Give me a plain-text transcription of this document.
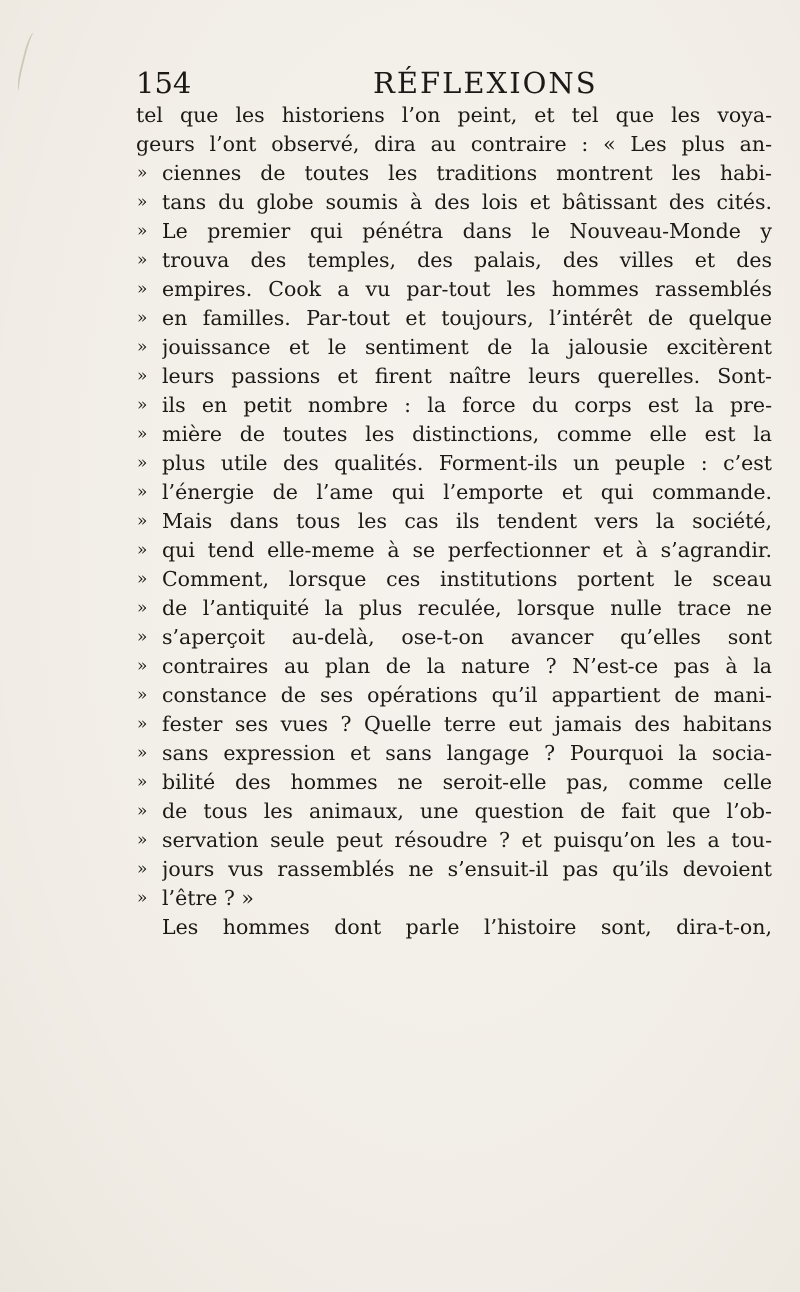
154	RÉFLEXIONS
tel que les historiens l’on peint, et tel que les voya-
geurs l’ont observé, dira au contraire : « Les plus an-
» ciennes de toutes les traditions montrent les habi-
» tans du globe soumis à des lois et bâtissant des cités.
» Le premier qui pénétra dans le Nouveau-Monde y
» trouva des temples, des palais, des villes et des
» empires. Cook a vu par-tout les hommes rassemblés
» en familles. Par-tout et toujours, l’intérêt de quelque
» jouissance et le sentiment de la jalousie excitèrent
» leurs passions et firent naître leurs querelles. Sont-
» ils en petit nombre : la force du corps est la pre-
» mière de toutes les distinctions, comme elle est la
» plus utile des qualités. Forment-ils un peuple : c’est
» l’énergie de l’ame qui l’emporte et qui commande.
» Mais dans tous les cas ils tendent vers la société,
» qui tend elle-meme à se perfectionner et à s’agrandir.
» Comment, lorsque ces institutions portent le sceau
» de l’antiquité la plus reculée, lorsque nulle trace ne
» s’aperçoit au-delà, ose-t-on avancer qu’elles sont
» contraires au plan de la nature ? N’est-ce pas à la
» constance de ses opérations qu’il appartient de mani-
» fester ses vues ? Quelle terre eut jamais des habitans
» sans expression et sans langage ? Pourquoi la socia-
» bilité des hommes ne seroit-elle pas, comme celle
» de tous les animaux, une question de fait que l’ob-
» servation seule peut résoudre ? et puisqu’on les a tou-
» jours vus rassemblés ne s’ensuit-il pas qu’ils devoient
» l’être ? »
Les hommes dont parle l’histoire sont, dira-t-on,
